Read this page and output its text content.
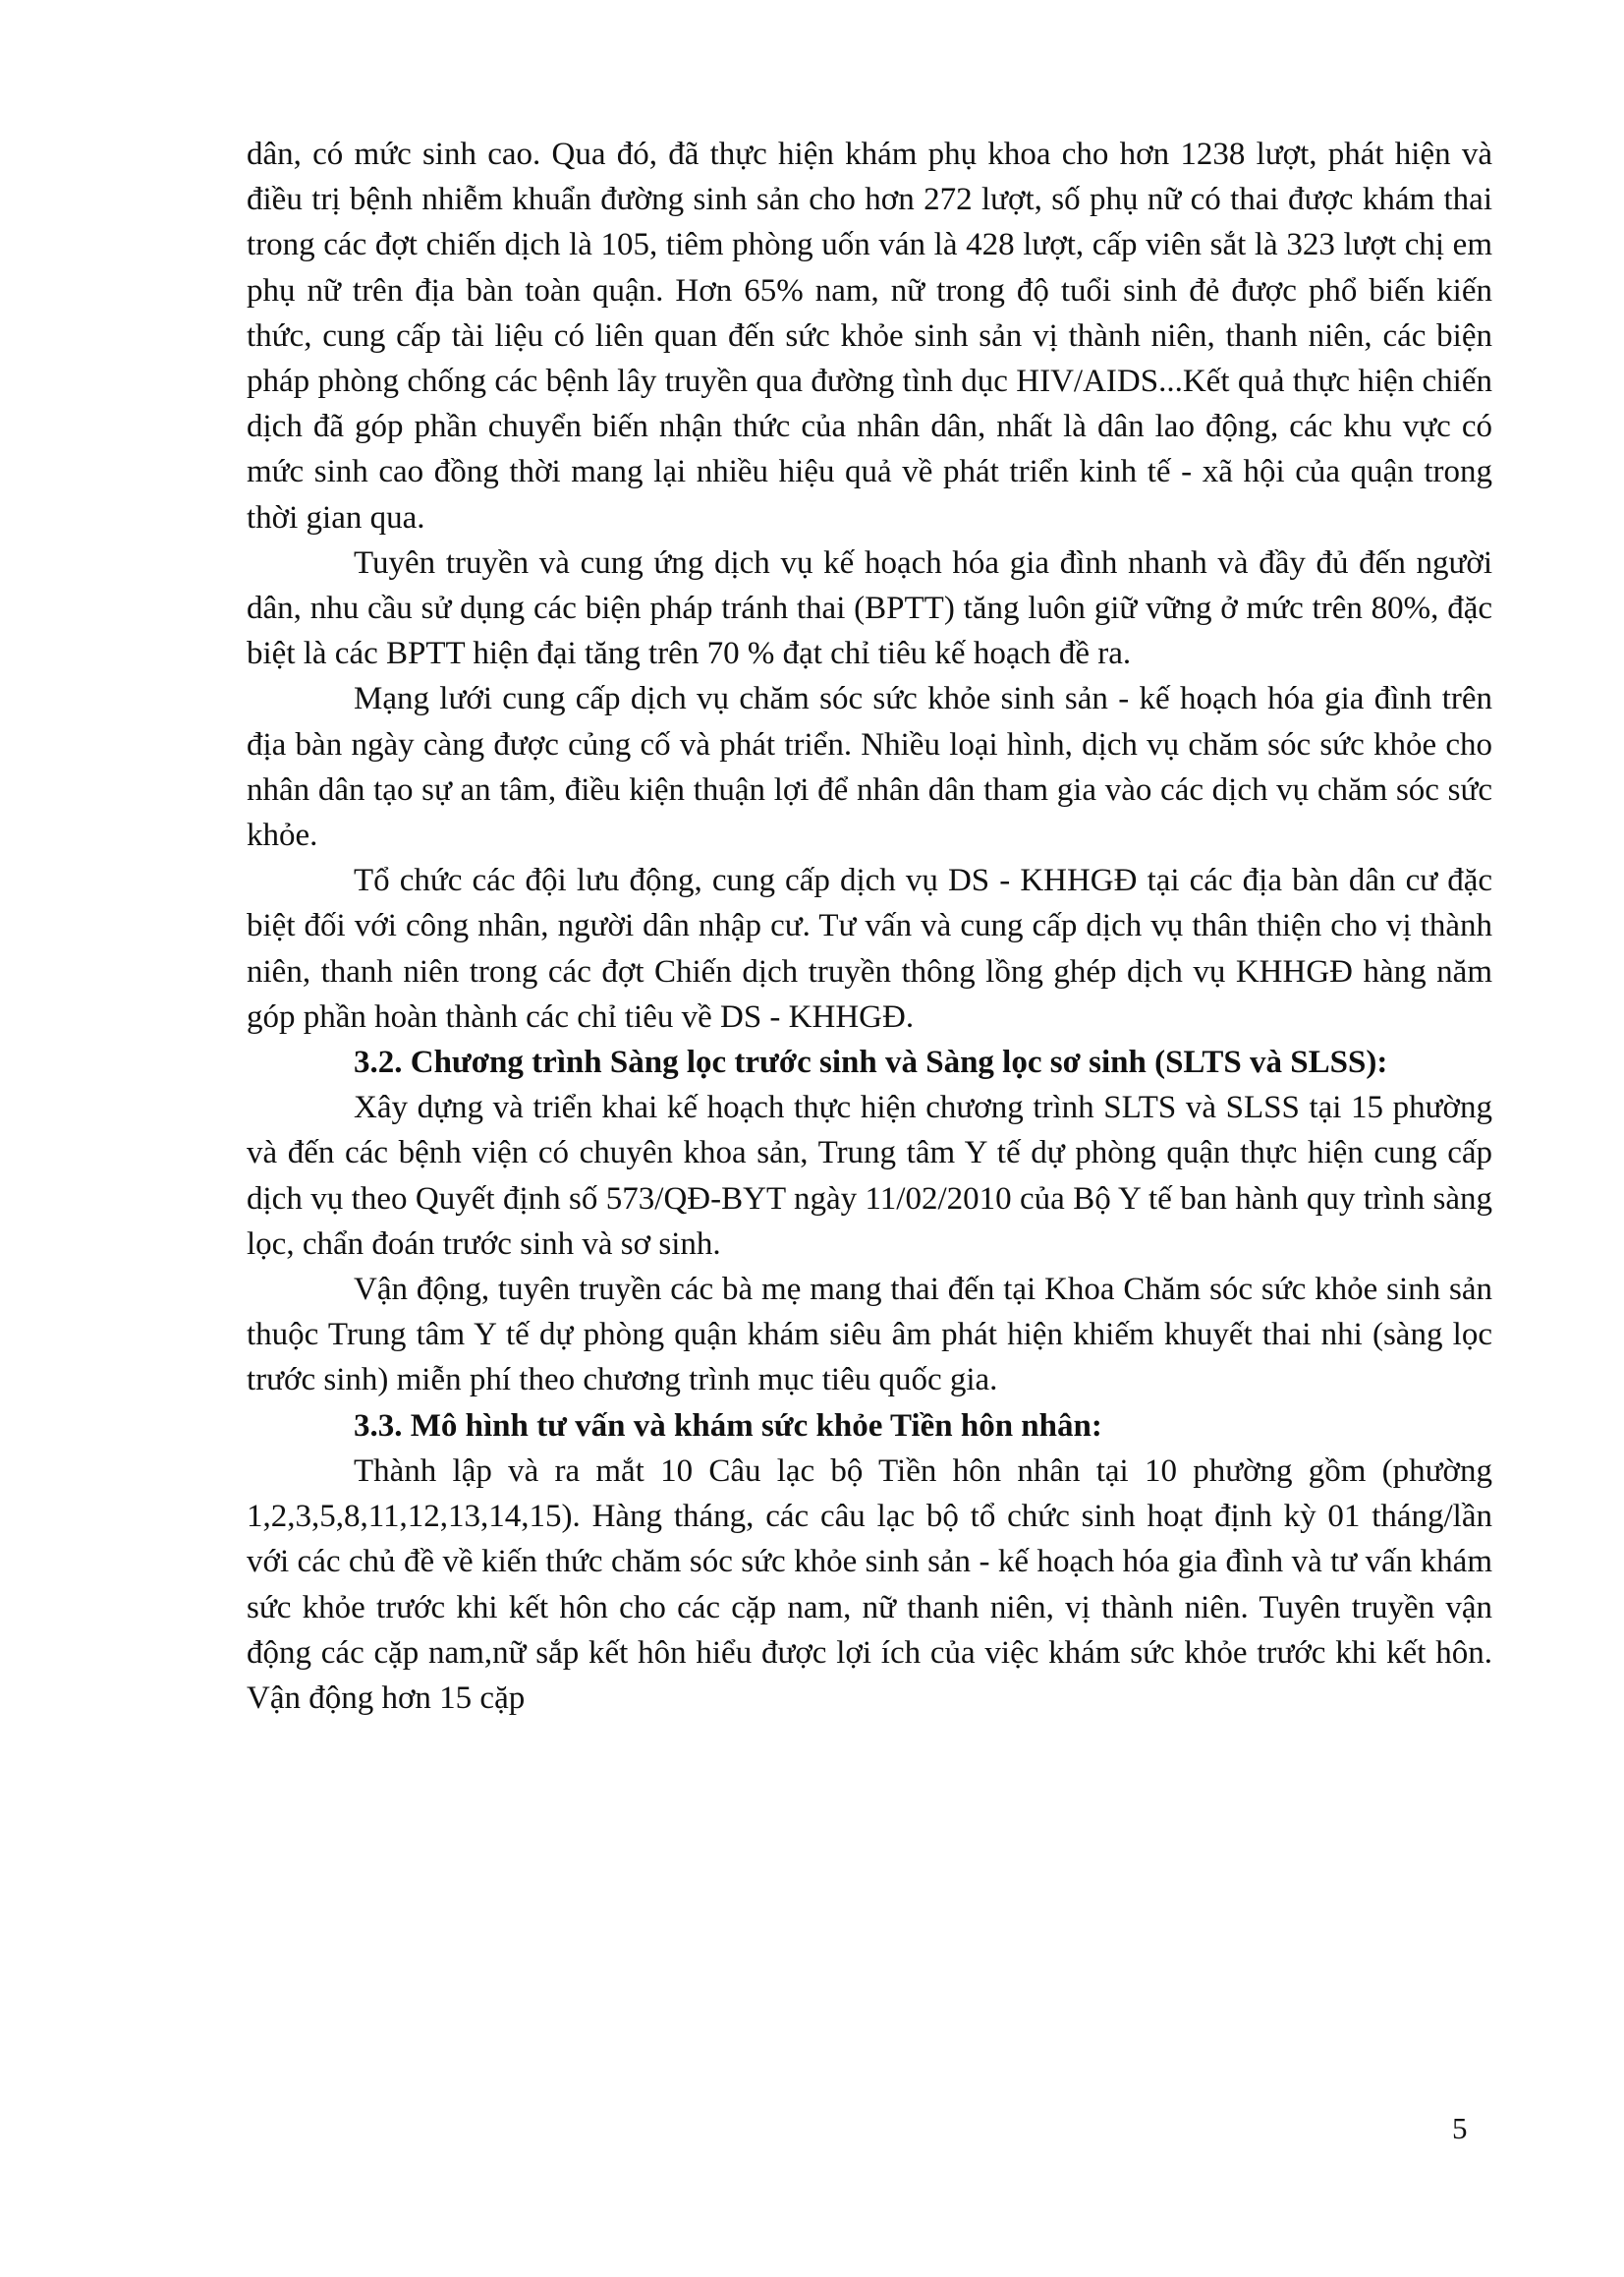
dân, có mức sinh cao. Qua đó, đã thực hiện khám phụ khoa cho hơn 1238 lượt, phát hiện và điều trị bệnh nhiễm khuẩn đường sinh sản cho hơn 272 lượt, số phụ nữ có thai được khám thai trong các đợt chiến dịch là 105, tiêm phòng uốn ván là 428 lượt, cấp viên sắt là 323 lượt chị em phụ nữ trên địa bàn toàn quận. Hơn 65% nam, nữ trong độ tuổi sinh đẻ được phổ biến kiến thức, cung cấp tài liệu có liên quan đến sức khỏe sinh sản vị thành niên, thanh niên, các biện pháp phòng chống các bệnh lây truyền qua đường tình dục HIV/AIDS...Kết quả thực hiện chiến dịch đã góp phần chuyển biến nhận thức của nhân dân, nhất là dân lao động, các khu vực có mức sinh cao đồng thời mang lại nhiều hiệu quả về phát triển kinh tế - xã hội của quận trong thời gian qua.

Tuyên truyền và cung ứng dịch vụ kế hoạch hóa gia đình nhanh và đầy đủ đến người dân, nhu cầu sử dụng các biện pháp tránh thai (BPTT) tăng luôn giữ vững ở mức trên 80%, đặc biệt là các BPTT hiện đại tăng trên 70 % đạt chỉ tiêu kế hoạch đề ra.

Mạng lưới cung cấp dịch vụ chăm sóc sức khỏe sinh sản - kế hoạch hóa gia đình trên địa bàn ngày càng được củng cố và phát triển. Nhiều loại hình, dịch vụ chăm sóc sức khỏe cho nhân dân tạo sự an tâm, điều kiện thuận lợi để nhân dân tham gia vào các dịch vụ chăm sóc sức khỏe.

Tổ chức các đội lưu động, cung cấp dịch vụ DS - KHHGĐ tại các địa bàn dân cư đặc biệt đối với công nhân, người dân nhập cư. Tư vấn và cung cấp dịch vụ thân thiện cho vị thành niên, thanh niên trong các đợt Chiến dịch truyền thông lồng ghép dịch vụ KHHGĐ hàng năm góp phần hoàn thành các chỉ tiêu về DS - KHHGĐ.

3.2. Chương trình Sàng lọc trước sinh và Sàng lọc sơ sinh (SLTS và SLSS):

Xây dựng và triển khai kế hoạch thực hiện chương trình SLTS và SLSS tại 15 phường và đến các bệnh viện có chuyên khoa sản, Trung tâm Y tế dự phòng quận thực hiện cung cấp dịch vụ theo Quyết định số 573/QĐ-BYT ngày 11/02/2010 của Bộ Y tế ban hành quy trình sàng lọc, chẩn đoán trước sinh và sơ sinh.

Vận động, tuyên truyền các bà mẹ mang thai đến tại Khoa Chăm sóc sức khỏe sinh sản thuộc Trung tâm Y tế dự phòng quận khám siêu âm phát hiện khiếm khuyết thai nhi (sàng lọc trước sinh) miễn phí theo chương trình mục tiêu quốc gia.

3.3. Mô hình tư vấn và khám sức khỏe Tiền hôn nhân:

Thành lập và ra mắt 10 Câu lạc bộ Tiền hôn nhân tại 10 phường gồm (phường 1,2,3,5,8,11,12,13,14,15). Hàng tháng, các câu lạc bộ tổ chức sinh hoạt định kỳ 01 tháng/lần với các chủ đề về kiến thức chăm sóc sức khỏe sinh sản - kế hoạch hóa gia đình và tư vấn khám sức khỏe trước khi kết hôn cho các cặp nam, nữ thanh niên, vị thành niên. Tuyên truyền vận động các cặp nam,nữ sắp kết hôn hiểu được lợi ích của việc khám sức khỏe trước khi kết hôn. Vận động hơn 15 cặp

5
